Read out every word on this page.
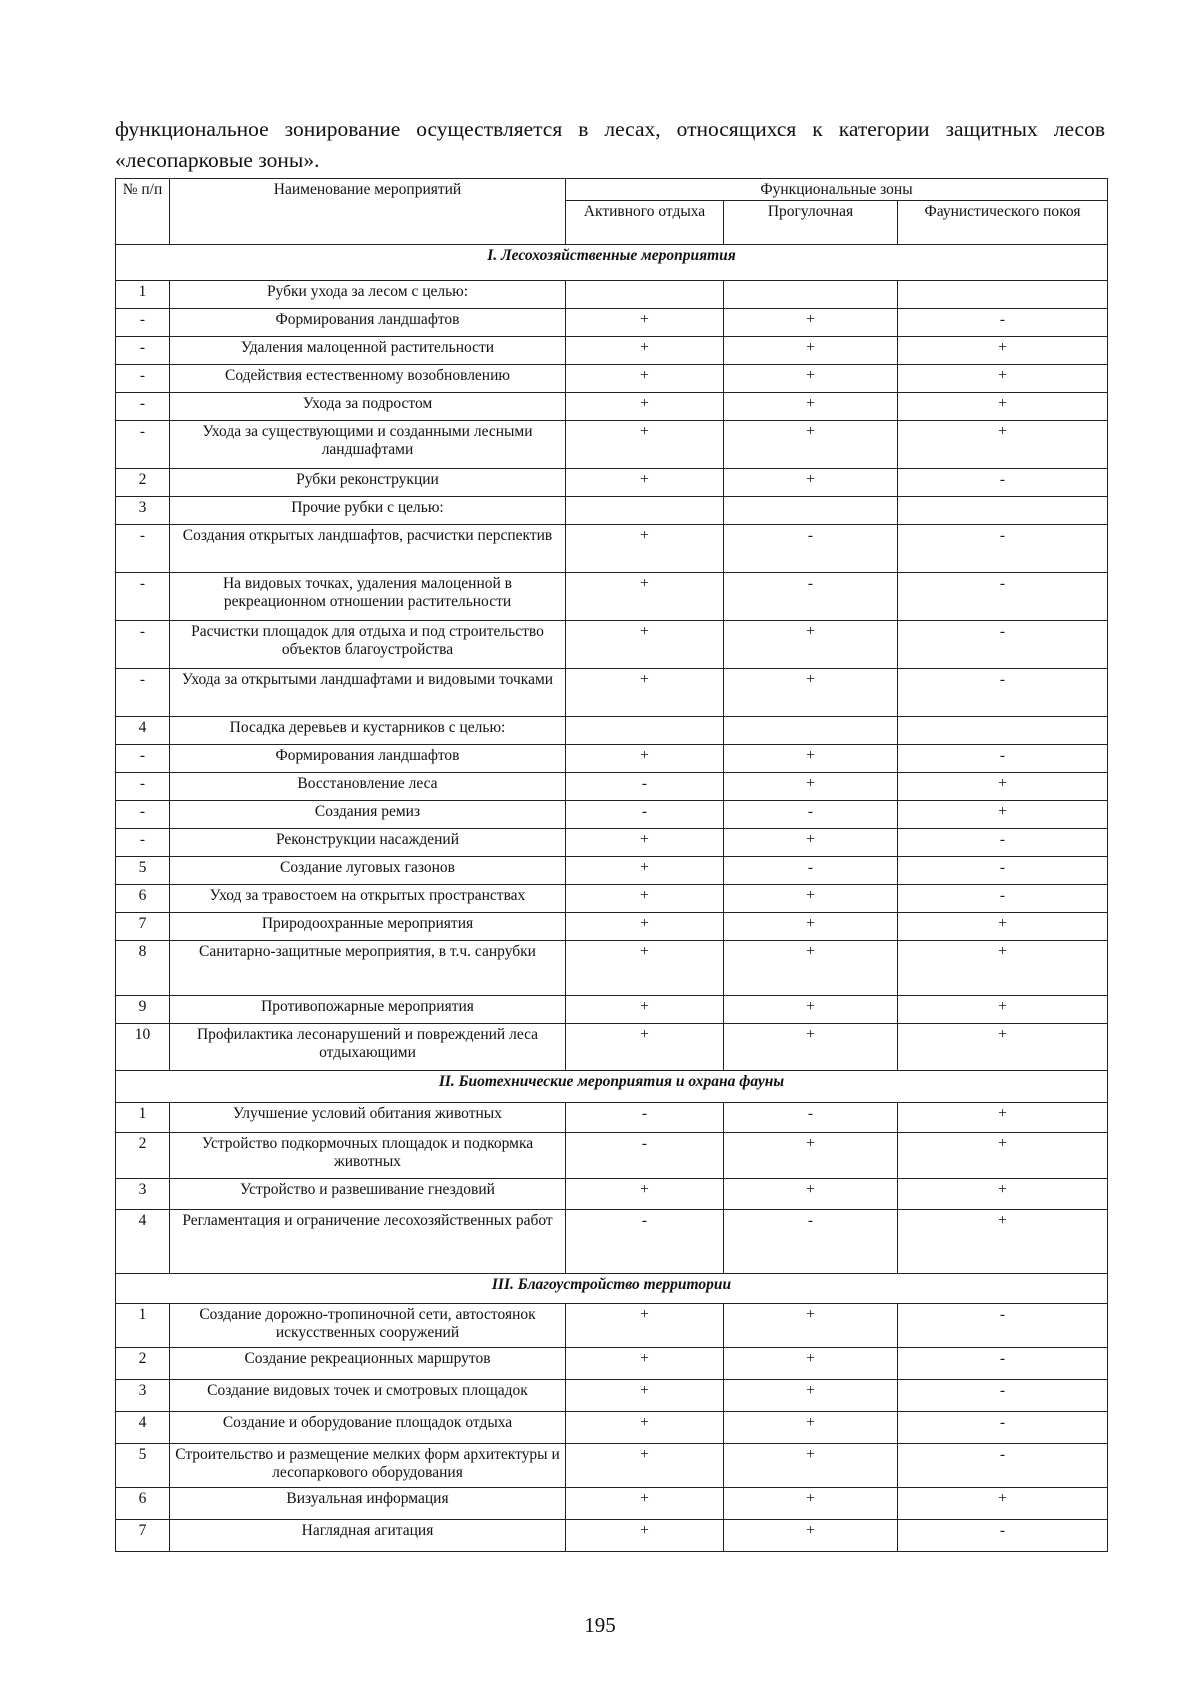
функциональное зонирование осуществляется в лесах, относящихся к категории защитных лесов «лесопарковые зоны».
№ п/п	Наименование мероприятий	Функциональные зоны		
		Активного отдыха	Прогулочная	Фаунистического покоя
I. Лесохозяйственные мероприятия				
1	Рубки ухода за лесом с целью:			
-	Формирования ландшафтов	+	+	-
-	Удаления малоценной растительности	+	+	+
-	Содействия естественному возобновлению	+	+	+
-	Ухода за подростом	+	+	+
-	Ухода за существующими и созданными лесными ландшафтами	+	+	+
2	Рубки реконструкции	+	+	-
3	Прочие рубки с целью:			
-	Создания открытых ландшафтов, расчистки перспектив	+	-	-
-	На видовых точках, удаления малоценной в рекреационном отношении растительности	+	-	-
-	Расчистки площадок для отдыха и под строительство объектов благоустройства	+	+	-
-	Ухода за открытыми ландшафтами и видовыми точками	+	+	-
4	Посадка деревьев и кустарников с целью:			
-	Формирования ландшафтов	+	+	-
-	Восстановление леса	-	+	+
-	Создания ремиз	-	-	+
-	Реконструкции насаждений	+	+	-
5	Создание луговых газонов	+	-	-
6	Уход за травостоем на открытых пространствах	+	+	-
7	Природоохранные мероприятия	+	+	+
8	Санитарно-защитные мероприятия, в т.ч. санрубки	+	+	+
9	Противопожарные мероприятия	+	+	+
10	Профилактика лесонарушений и повреждений леса отдыхающими	+	+	+
II. Биотехнические мероприятия и охрана фауны				
1	Улучшение условий обитания животных	-	-	+
2	Устройство подкормочных площадок и подкормка животных	-	+	+
3	Устройство и развешивание гнездовий	+	+	+
4	Регламентация и ограничение лесохозяйственных работ	-	-	+
III. Благоустройство территории				
1	Создание дорожно-тропиночной сети, автостоянок искусственных сооружений	+	+	-
2	Создание рекреационных маршрутов	+	+	-
3	Создание видовых точек и смотровых площадок	+	+	-
4	Создание и оборудование площадок отдыха	+	+	-
5	Строительство и размещение мелких форм архитектуры и лесопаркового оборудования	+	+	-
6	Визуальная информация	+	+	+
7	Наглядная агитация	+	+	-
195
